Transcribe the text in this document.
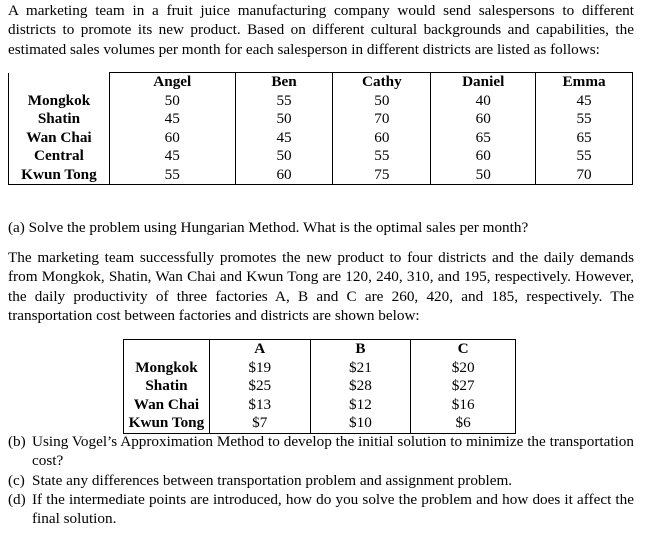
A marketing team in a fruit juice manufacturing company would send salespersons to different districts to promote its new product. Based on different cultural backgrounds and capabilities, the estimated sales volumes per month for each salesperson in different districts are listed as follows:

	Angel	Ben	Cathy	Daniel	Emma
Mongkok	50	55	50	40	45
Shatin	45	50	70	60	55
Wan Chai	60	45	60	65	65
Central	45	50	55	60	55
Kwun Tong	55	60	75	50	70

(a) Solve the problem using Hungarian Method. What is the optimal sales per month?

The marketing team successfully promotes the new product to four districts and the daily demands from Mongkok, Shatin, Wan Chai and Kwun Tong are 120, 240, 310, and 195, respectively. However, the daily productivity of three factories A, B and C are 260, 420, and 185, respectively. The transportation cost between factories and districts are shown below:

	A	B	C
Mongkok	$19	$21	$20
Shatin	$25	$28	$27
Wan Chai	$13	$12	$16
Kwun Tong	$7	$10	$6
(b) Using Vogel’s Approximation Method to develop the initial solution to minimize the transportation cost?
(c) State any differences between transportation problem and assignment problem.
(d) If the intermediate points are introduced, how do you solve the problem and how does it affect the final solution.
